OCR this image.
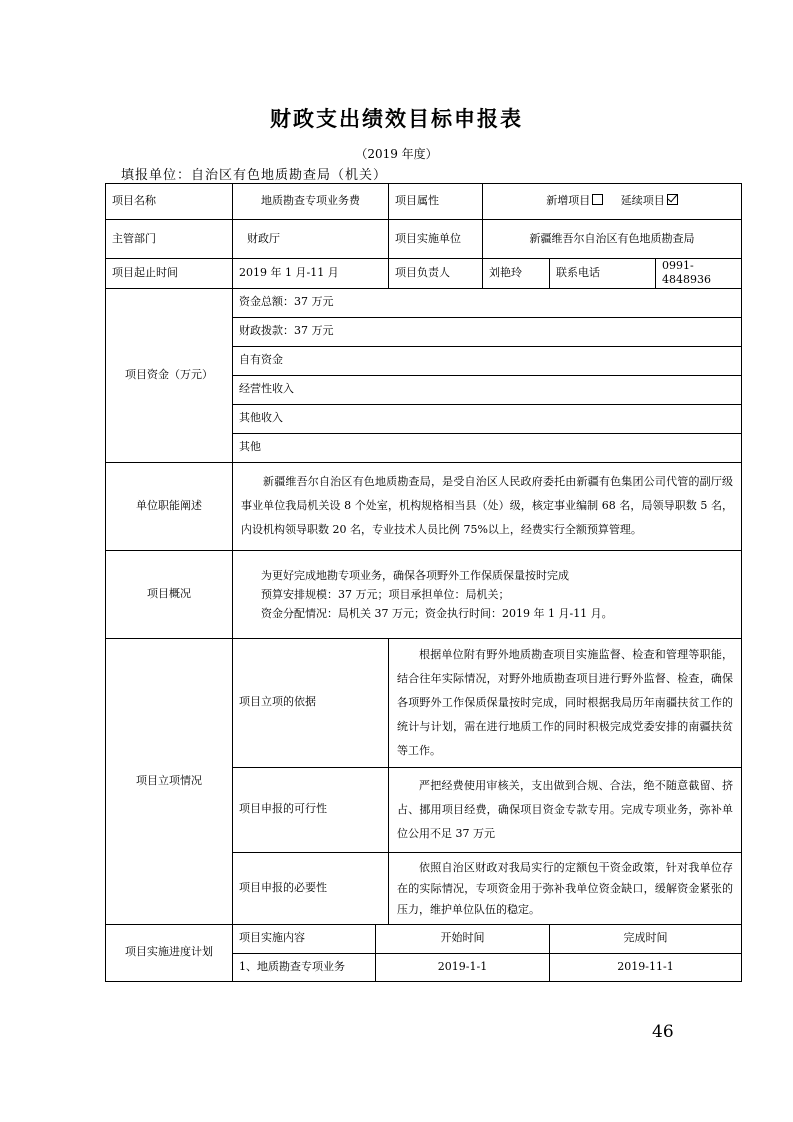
财政支出绩效目标申报表
（2019 年度）
填报单位：自治区有色地质勘查局（机关）
项目名称	地质勘查专项业务费		项目属性	新增项目 延续项目		
主管部门	财政厅		项目实施单位	新疆维吾尔自治区有色地质勘查局		
项目起止时间	2019 年 1 月-11 月		项目负责人	刘艳玲	联系电话	0991-4848936
项目资金（万元）	资金总额：37 万元					
	财政拨款：37 万元					
	自有资金					
	经营性收入					
	其他收入					
	其他					
单位职能阐述	新疆维吾尔自治区有色地质勘查局，是受自治区人民政府委托由新疆有色集团公司代管的副厅级事业单位我局机关设 8 个处室，机构规格相当县（处）级，核定事业编制 68 名，局领导职数 5 名，内设机构领导职数 20 名，专业技术人员比例 75%以上，经费实行全额预算管理。					
项目概况	为更好完成地勘专项业务，确保各项野外工作保质保量按时完成
预算安排规模：37 万元；项目承担单位：局机关；
资金分配情况：局机关 37 万元；资金执行时间：2019 年 1 月-11 月。					

项目立项情况	项目立项的依据		根据单位附有野外地质勘查项目实施监督、检查和管理等职能，结合往年实际情况，对野外地质勘查项目进行野外监督、检查，确保各项野外工作保质保量按时完成，同时根据我局历年南疆扶贫工作的统计与计划，需在进行地质工作的同时积极完成党委安排的南疆扶贫等工作。			
	项目申报的可行性		严把经费使用审核关，支出做到合规、合法，绝不随意截留、挤占、挪用项目经费，确保项目资金专款专用。完成专项业务，弥补单位公用不足 37 万元			
	项目申报的必要性		依照自治区财政对我局实行的定额包干资金政策，针对我单位存在的实际情况，专项资金用于弥补我单位资金缺口，缓解资金紧张的压力，维护单位队伍的稳定。			
项目实施进度计划	项目实施内容	开始时间			完成时间	
	1、地质勘查专项业务	2019-1-1			2019-11-1	
46
